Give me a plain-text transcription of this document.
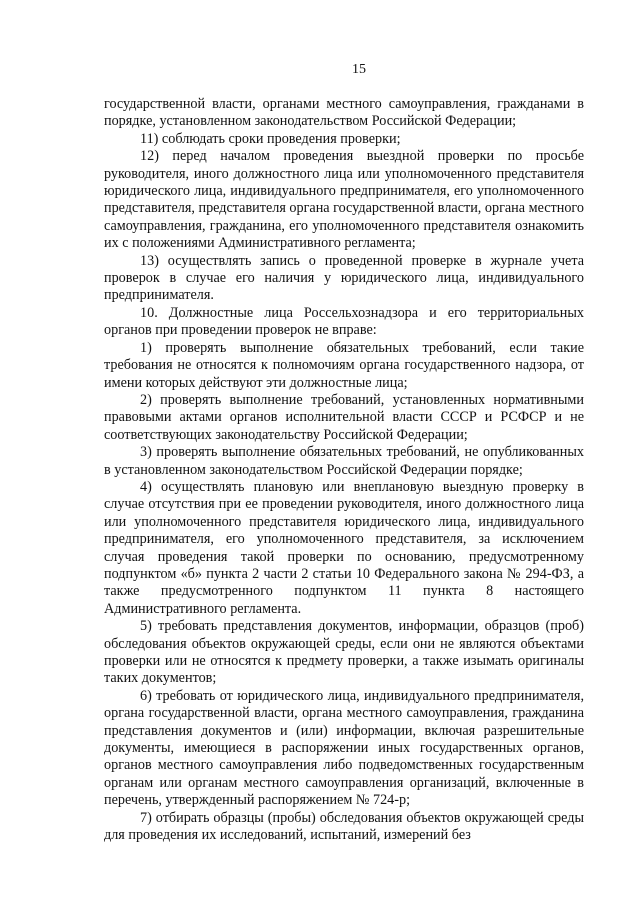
15

государственной власти, органами местного самоуправления, гражданами в порядке, установленном законодательством Российской Федерации;

11) соблюдать сроки проведения проверки;

12) перед началом проведения выездной проверки по просьбе руководителя, иного должностного лица или уполномоченного представителя юридического лица, индивидуального предпринимателя, его уполномоченного представителя, представителя органа государственной власти, органа местного самоуправления, гражданина, его уполномоченного представителя ознакомить их с положениями Административного регламента;

13) осуществлять запись о проведенной проверке в журнале учета проверок в случае его наличия у юридического лица, индивидуального предпринимателя.

10. Должностные лица Россельхознадзора и его территориальных органов при проведении проверок не вправе:

1) проверять выполнение обязательных требований, если такие требования не относятся к полномочиям органа государственного надзора, от имени которых действуют эти должностные лица;

2) проверять выполнение требований, установленных нормативными правовыми актами органов исполнительной власти СССР и РСФСР и не соответствующих законодательству Российской Федерации;

3) проверять выполнение обязательных требований, не опубликованных в установленном законодательством Российской Федерации порядке;

4) осуществлять плановую или внеплановую выездную проверку в случае отсутствия при ее проведении руководителя, иного должностного лица или уполномоченного представителя юридического лица, индивидуального предпринимателя, его уполномоченного представителя, за исключением случая проведения такой проверки по основанию, предусмотренному подпунктом «б» пункта 2 части 2 статьи 10 Федерального закона № 294-ФЗ, а также предусмотренного подпунктом 11 пункта 8 настоящего Административного регламента.

5) требовать представления документов, информации, образцов (проб) обследования объектов окружающей среды, если они не являются объектами проверки или не относятся к предмету проверки, а также изымать оригиналы таких документов;

6) требовать от юридического лица, индивидуального предпринимателя, органа государственной власти, органа местного самоуправления, гражданина представления документов и (или) информации, включая разрешительные документы, имеющиеся в распоряжении иных государственных органов, органов местного самоуправления либо подведомственных государственным органам или органам местного самоуправления организаций, включенные в перечень, утвержденный распоряжением № 724-р;

7) отбирать образцы (пробы) обследования объектов окружающей среды для проведения их исследований, испытаний, измерений без
